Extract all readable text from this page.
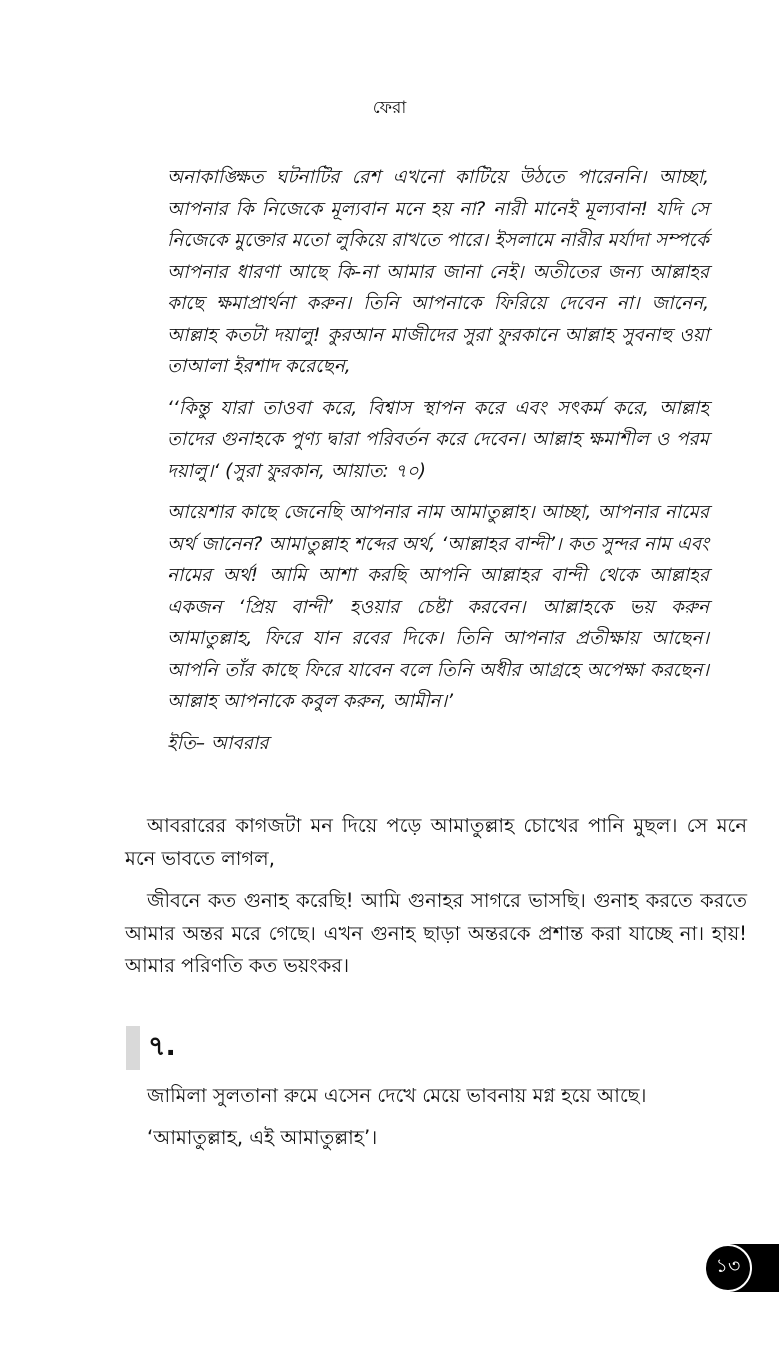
ফেরা

অনাকাঙ্ক্ষিত ঘটনাটির রেশ এখনো কাটিয়ে উঠতে পারেননি। আচ্ছা, আপনার কি নিজেকে মূল্যবান মনে হয় না? নারী মানেই মূল্যবান! যদি সে নিজেকে মুক্তোর মতো লুকিয়ে রাখতে পারে। ইসলামে নারীর মর্যাদা সম্পর্কে আপনার ধারণা আছে কি-না আমার জানা নেই। অতীতের জন্য আল্লাহর কাছে ক্ষমাপ্রার্থনা করুন। তিনি আপনাকে ফিরিয়ে দেবেন না। জানেন, আল্লাহ কতটা দয়ালু! কুরআন মাজীদের সুরা ফুরকানে আল্লাহ সুবনাহু ওয়া তাআলা ইরশাদ করেছেন,

‘‘কিন্তু যারা তাওবা করে, বিশ্বাস স্থাপন করে এবং সৎকর্ম করে, আল্লাহ তাদের গুনাহকে পুণ্য দ্বারা পরিবর্তন করে দেবেন। আল্লাহ ক্ষমাশীল ও পরম দয়ালু।‘ (সুরা ফুরকান, আয়াত: ৭০)

আয়েশার কাছে জেনেছি আপনার নাম আমাতুল্লাহ। আচ্ছা, আপনার নামের অর্থ জানেন? আমাতুল্লাহ শব্দের অর্থ, ‘আল্লাহর বান্দী’। কত সুন্দর নাম এবং নামের অর্থ! আমি আশা করছি আপনি আল্লাহর বান্দী থেকে আল্লাহর একজন ‘প্রিয় বান্দী’ হওয়ার চেষ্টা করবেন। আল্লাহকে ভয় করুন আমাতুল্লাহ, ফিরে যান রবের দিকে। তিনি আপনার প্রতীক্ষায় আছেন। আপনি তাঁর কাছে ফিরে যাবেন বলে তিনি অধীর আগ্রহে অপেক্ষা করছেন। আল্লাহ আপনাকে কবুল করুন, আমীন।’

ইতি– আবরার

আবরারের কাগজটা মন দিয়ে পড়ে আমাতুল্লাহ চোখের পানি মুছল। সে মনে মনে ভাবতে লাগল,

জীবনে কত গুনাহ করেছি! আমি গুনাহর সাগরে ভাসছি। গুনাহ করতে করতে আমার অন্তর মরে গেছে। এখন গুনাহ ছাড়া অন্তরকে প্রশান্ত করা যাচ্ছে না। হায়! আমার পরিণতি কত ভয়ংকর।

৭.

জামিলা সুলতানা রুমে এসেন দেখে মেয়ে ভাবনায় মগ্ন হয়ে আছে।

‘আমাতুল্লাহ, এই আমাতুল্লাহ’।

১৩
